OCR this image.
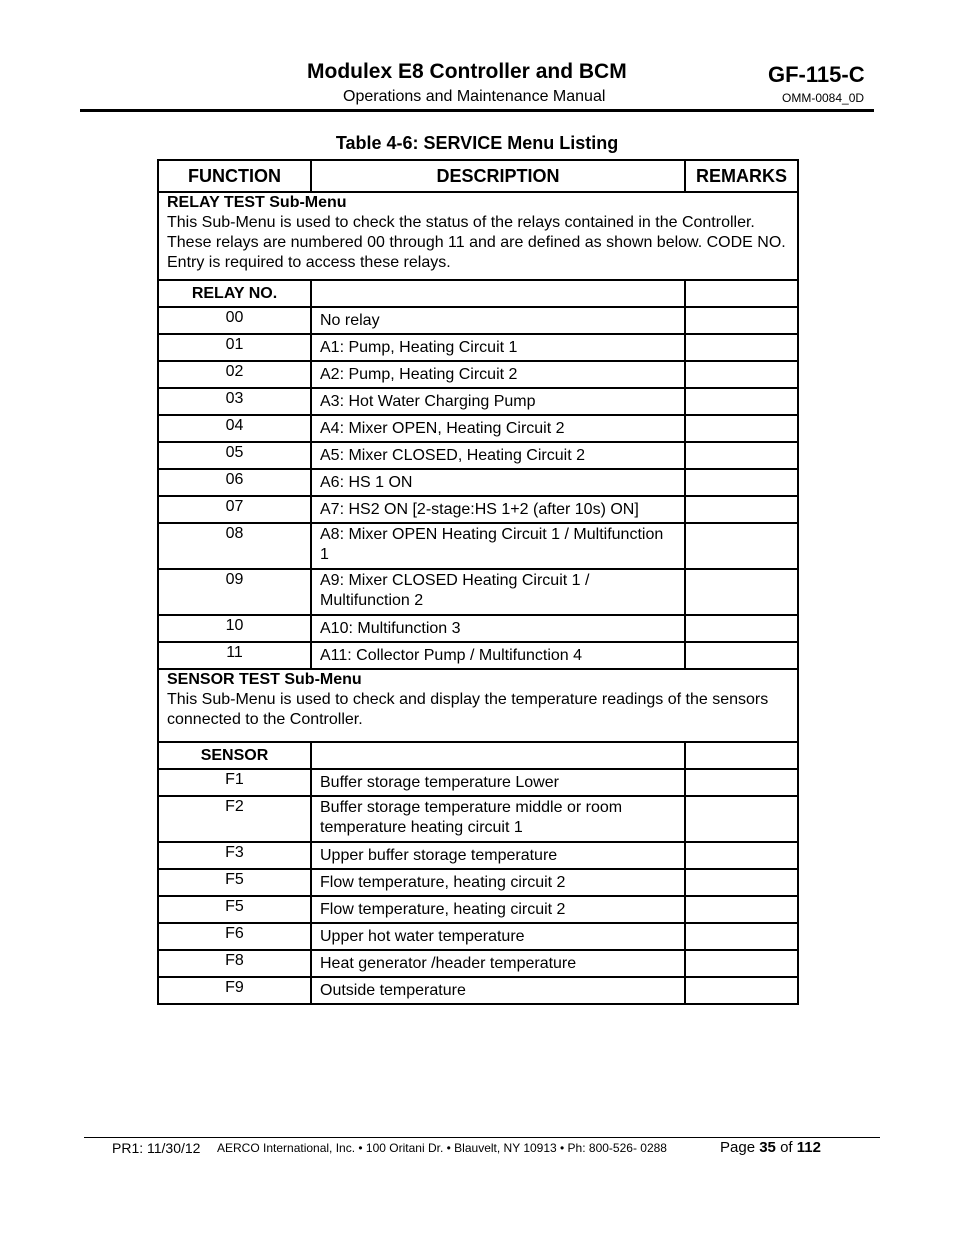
Modulex E8 Controller and BCM
Operations and Maintenance Manual
GF-115-C
OMM-0084_0D
Table 4-6: SERVICE Menu Listing
FUNCTION	DESCRIPTION	REMARKS

RELAY TEST Sub-Menu
This Sub-Menu is used to check the status of the relays contained in the Controller. These relays are numbered 00 through 11 and are defined as shown below. CODE NO. Entry is required to access these relays.		
RELAY NO.		
00	No relay	
01	A1: Pump, Heating Circuit 1	
02	A2: Pump, Heating Circuit 2	
03	A3: Hot Water Charging Pump	
04	A4: Mixer OPEN, Heating Circuit 2	
05	A5: Mixer CLOSED, Heating Circuit 2	
06	A6: HS 1 ON	
07	A7: HS2 ON [2-stage:HS 1+2 (after 10s) ON]	
08	A8: Mixer OPEN Heating Circuit 1 / Multifunction 1	
09	A9: Mixer CLOSED Heating Circuit 1 / Multifunction 2	
10	A10: Multifunction 3	
11	A11: Collector Pump / Multifunction 4	

SENSOR TEST Sub-Menu
This Sub-Menu is used to check and display the temperature readings of the sensors connected to the Controller.		
SENSOR		
F1	Buffer storage temperature Lower	
F2	Buffer storage temperature middle or room temperature heating circuit 1	
F3	Upper buffer storage temperature	
F5	Flow temperature, heating circuit 2	
F5	Flow temperature, heating circuit 2	
F6	Upper hot water temperature	
F8	Heat generator /header temperature	
F9	Outside temperature	
PR1: 11/30/12 AERCO International, Inc. • 100 Oritani Dr. • Blauvelt, NY 10913 • Ph: 800-526- 0288	Page 35 of 112
